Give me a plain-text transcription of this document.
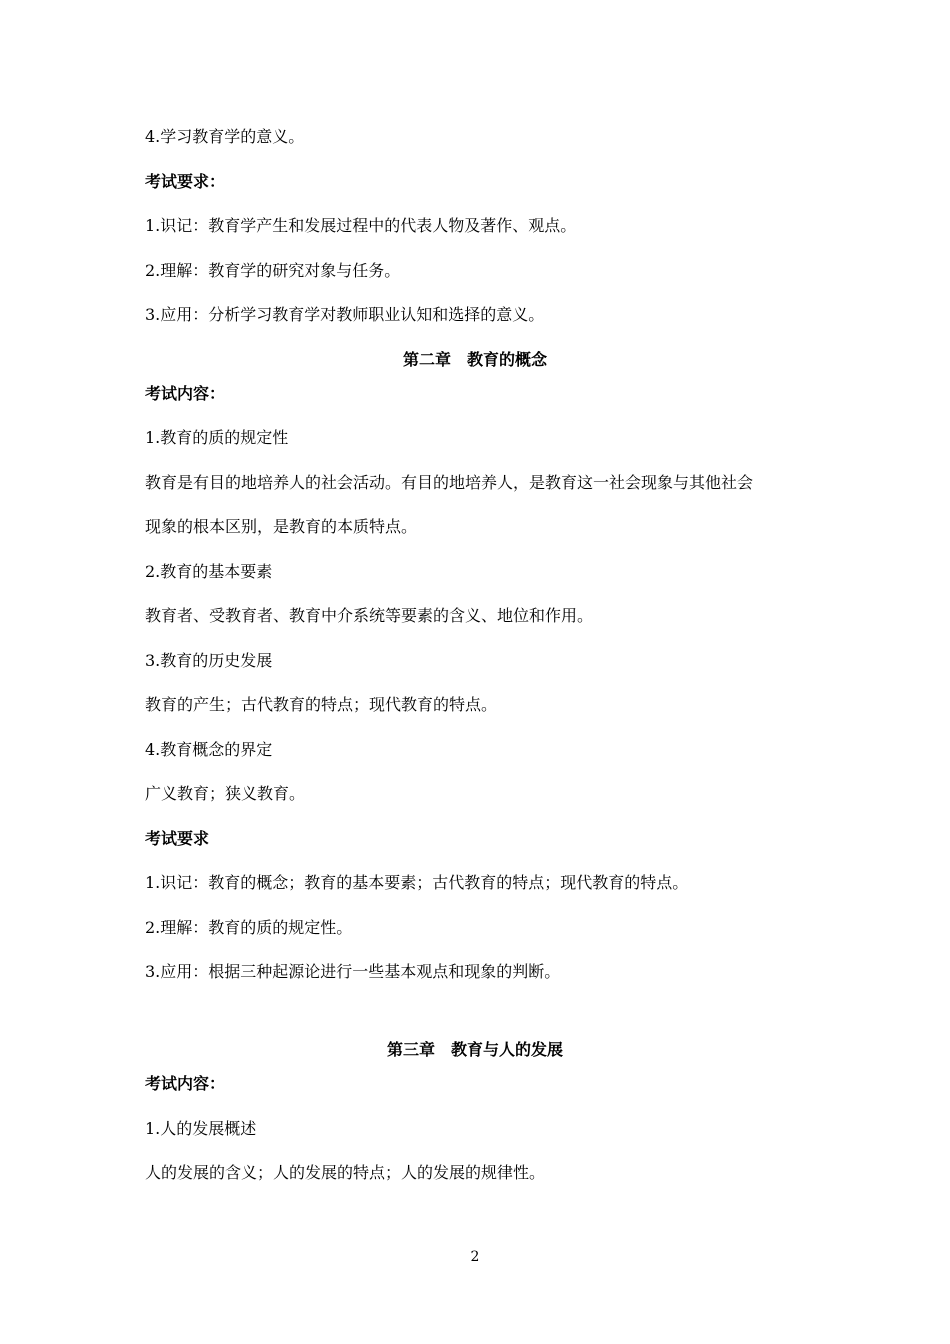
4.学习教育学的意义。
考试要求：
1.识记：教育学产生和发展过程中的代表人物及著作、观点。
2.理解：教育学的研究对象与任务。
3.应用：分析学习教育学对教师职业认知和选择的意义。
第二章　教育的概念
考试内容：
1.教育的质的规定性
教育是有目的地培养人的社会活动。有目的地培养人，是教育这一社会现象与其他社会
现象的根本区别，是教育的本质特点。
2.教育的基本要素
教育者、受教育者、教育中介系统等要素的含义、地位和作用。
3.教育的历史发展
教育的产生；古代教育的特点；现代教育的特点。
4.教育概念的界定
广义教育；狭义教育。
考试要求
1.识记：教育的概念；教育的基本要素；古代教育的特点；现代教育的特点。
2.理解：教育的质的规定性。
3.应用：根据三种起源论进行一些基本观点和现象的判断。
第三章　教育与人的发展
考试内容：
1.人的发展概述
人的发展的含义；人的发展的特点；人的发展的规律性。
2
